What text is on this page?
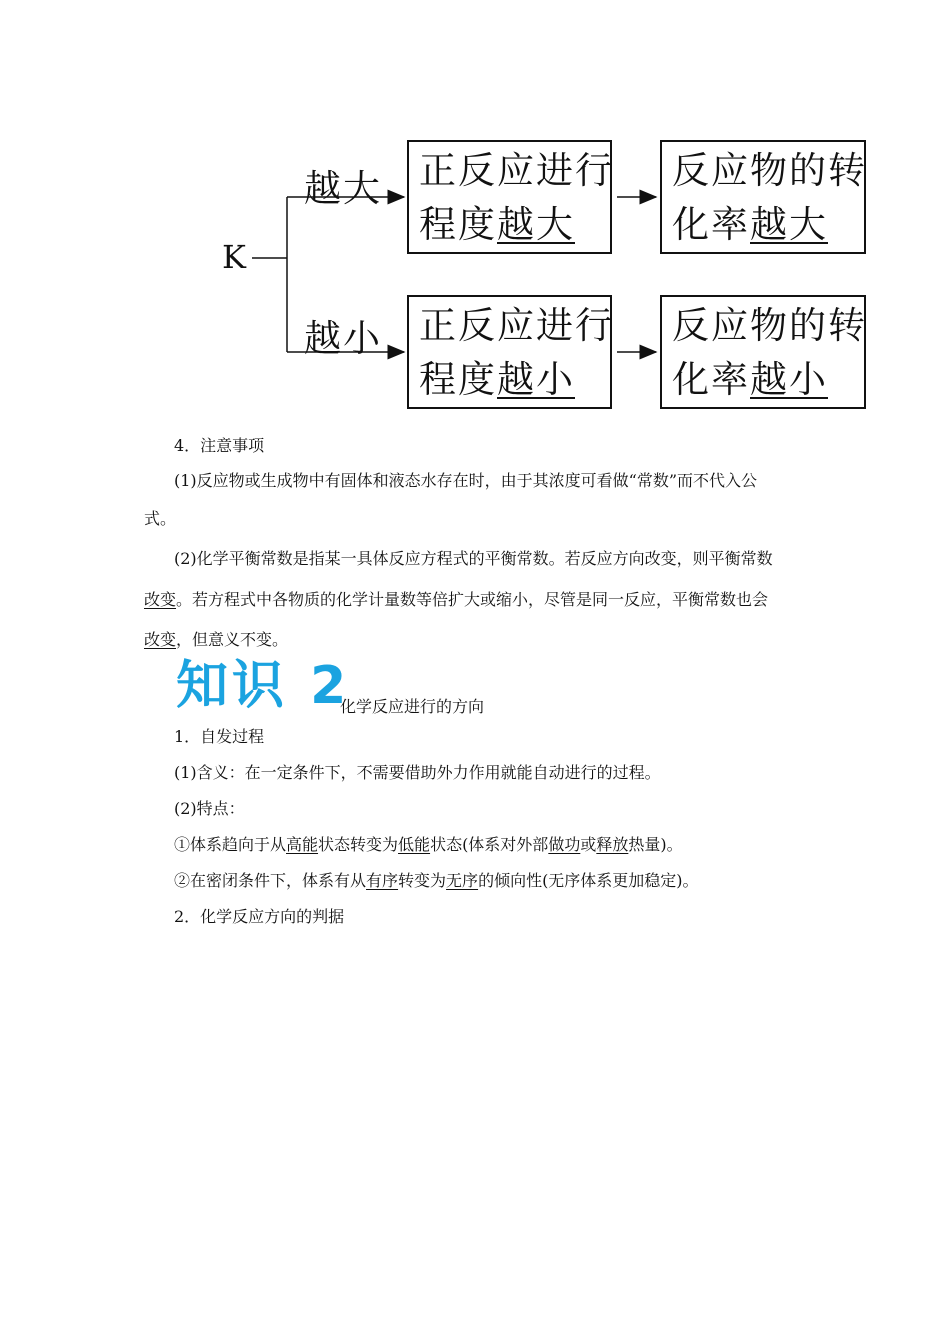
K
越大
越小
正反应进行
程度越大
反应物的转
化率越大
正反应进行
程度越小
反应物的转
化率越小
4．注意事项
(1)反应物或生成物中有固体和液态水存在时，由于其浓度可看做“常数”而不代入公
式。
(2)化学平衡常数是指某一具体反应方程式的平衡常数。若反应方向改变，则平衡常数
改变。若方程式中各物质的化学计量数等倍扩大或缩小，尽管是同一反应，平衡常数也会
改变，但意义不变。
知识 2
化学反应进行的方向
1．自发过程
(1)含义：在一定条件下，不需要借助外力作用就能自动进行的过程。
(2)特点：
①体系趋向于从高能状态转变为低能状态(体系对外部做功或释放热量)。
②在密闭条件下，体系有从有序转变为无序的倾向性(无序体系更加稳定)。
2．化学反应方向的判据
